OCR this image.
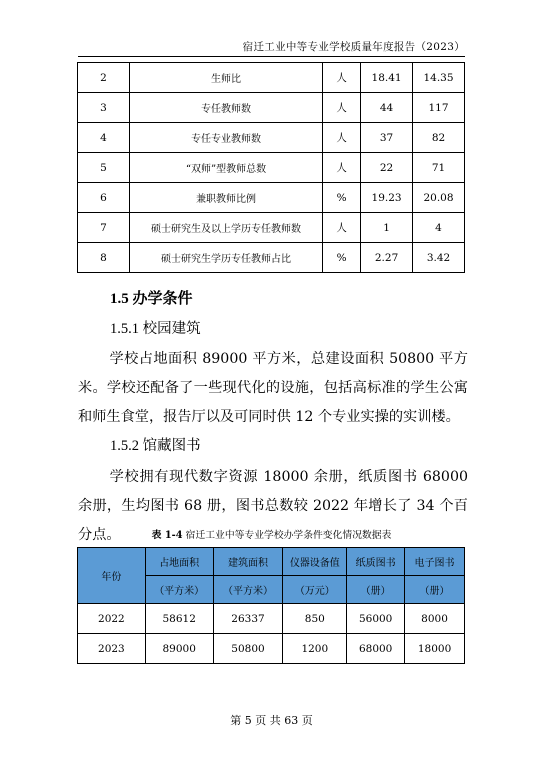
宿迁工业中等专业学校质量年度报告（2023）
2	生师比	人	18.41	14.35
3	专任教师数	人	44	117
4	专任专业教师数	人	37	82
5	“双师”型教师总数	人	22	71
6	兼职教师比例	%	19.23	20.08
7	硕士研究生及以上学历专任教师数	人	1	4
8	硕士研究生学历专任教师占比	%	2.27	3.42
1.5 办学条件
1.5.1 校园建筑
学校占地面积 89000 平方米，总建设面积 50800 平方米。学校还配备了一些现代化的设施，包括高标准的学生公寓和师生食堂，报告厅以及可同时供 12 个专业实操的实训楼。
1.5.2 馆藏图书
学校拥有现代数字资源 18000 余册，纸质图书 68000 余册，生均图书 68 册，图书总数较 2022 年增长了 34 个百分点。	表 1-4 宿迁工业中等专业学校办学条件变化情况数据表
年份	占地面积	建筑面积	仪器设备值	纸质图书	电子图书
	（平方米）	（平方米）	（万元）	（册）	（册）
2022	58612	26337	850	56000	8000
2023	89000	50800	1200	68000	18000
第 5 页 共 63 页
